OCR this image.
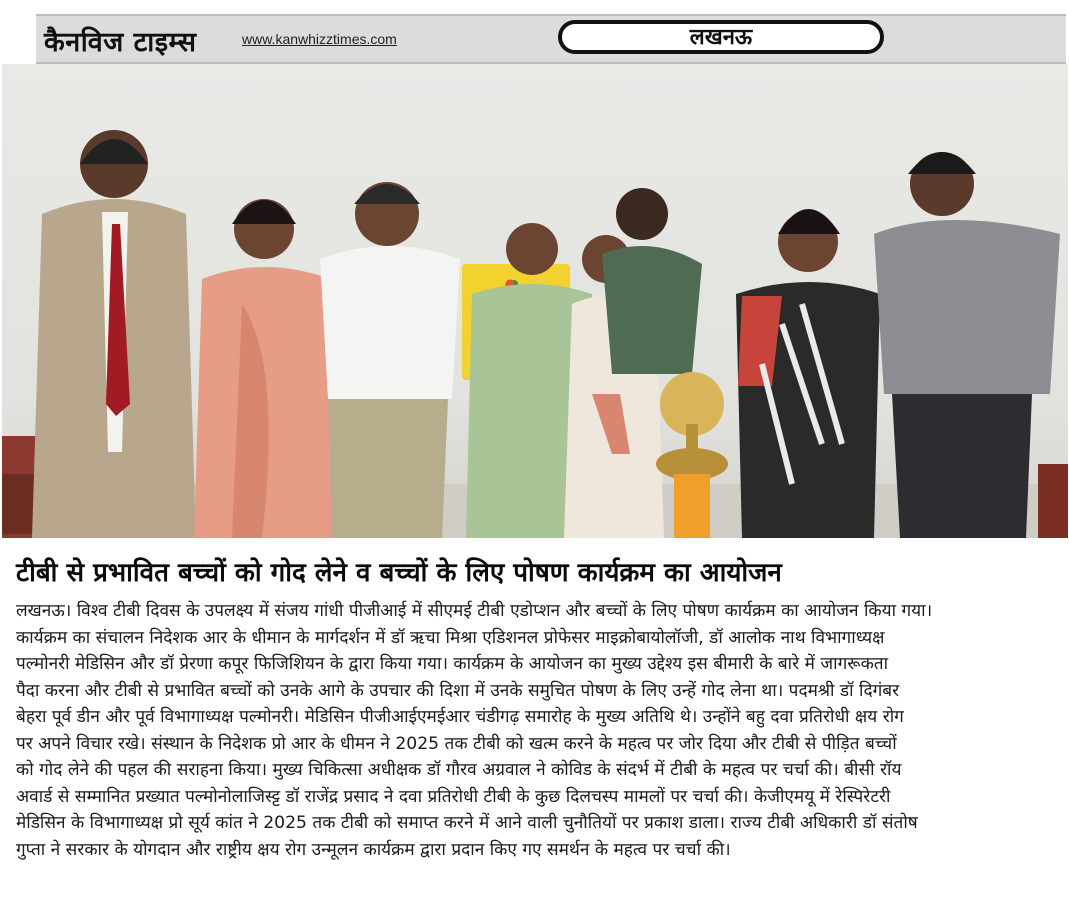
कैनविज टाइम्स	www.kanwhizztimes.com	लखनऊ
टीबी से प्रभावित बच्चों को गोद लेने व बच्चों के लिए पोषण कार्यक्रम का आयोजन
लखनऊ। विश्व टीबी दिवस के उपलक्ष्य में संजय गांधी पीजीआई में सीएमई टीबी एडोप्शन और बच्चों के लिए पोषण कार्यक्रम का आयोजन किया गया।
कार्यक्रम का संचालन निदेशक आर के धीमान के मार्गदर्शन में डॉ ऋचा मिश्रा एडिशनल प्रोफेसर माइक्रोबायोलॉजी, डॉ आलोक नाथ विभागाध्यक्ष
पल्मोनरी मेडिसिन और डॉ प्रेरणा कपूर फिजिशियन के द्वारा किया गया। कार्यक्रम के आयोजन का मुख्य उद्देश्य इस बीमारी के बारे में जागरूकता
पैदा करना और टीबी से प्रभावित बच्चों को उनके आगे के उपचार की दिशा में उनके समुचित पोषण के लिए उन्हें गोद लेना था। पदमश्री डॉ दिगंबर
बेहरा पूर्व डीन और पूर्व विभागाध्यक्ष पल्मोनरी। मेडिसिन पीजीआईएमईआर चंडीगढ़ समारोह के मुख्य अतिथि थे। उन्होंने बहु दवा प्रतिरोधी क्षय रोग
पर अपने विचार रखे। संस्थान के निदेशक प्रो आर के धीमन ने 2025 तक टीबी को खत्म करने के महत्व पर जोर दिया और टीबी से पीड़ित बच्चों
को गोद लेने की पहल की सराहना किया। मुख्य चिकित्सा अधीक्षक डॉ गौरव अग्रवाल ने कोविड के संदर्भ में टीबी के महत्व पर चर्चा की। बीसी रॉय
अवार्ड से सम्मानित प्रख्यात पल्मोनोलाजिस्ट्ट डॉ राजेंद्र प्रसाद ने दवा प्रतिरोधी टीबी के कुछ दिलचस्प मामलों पर चर्चा की। केजीएमयू में रेस्पिरेटरी
मेडिसिन के विभागाध्यक्ष प्रो सूर्य कांत ने 2025 तक टीबी को समाप्त करने में आने वाली चुनौतियों पर प्रकाश डाला। राज्य टीबी अधिकारी डॉ संतोष
गुप्ता ने सरकार के योगदान और राष्ट्रीय क्षय रोग उन्मूलन कार्यक्रम द्वारा प्रदान किए गए समर्थन के महत्व पर चर्चा की।
